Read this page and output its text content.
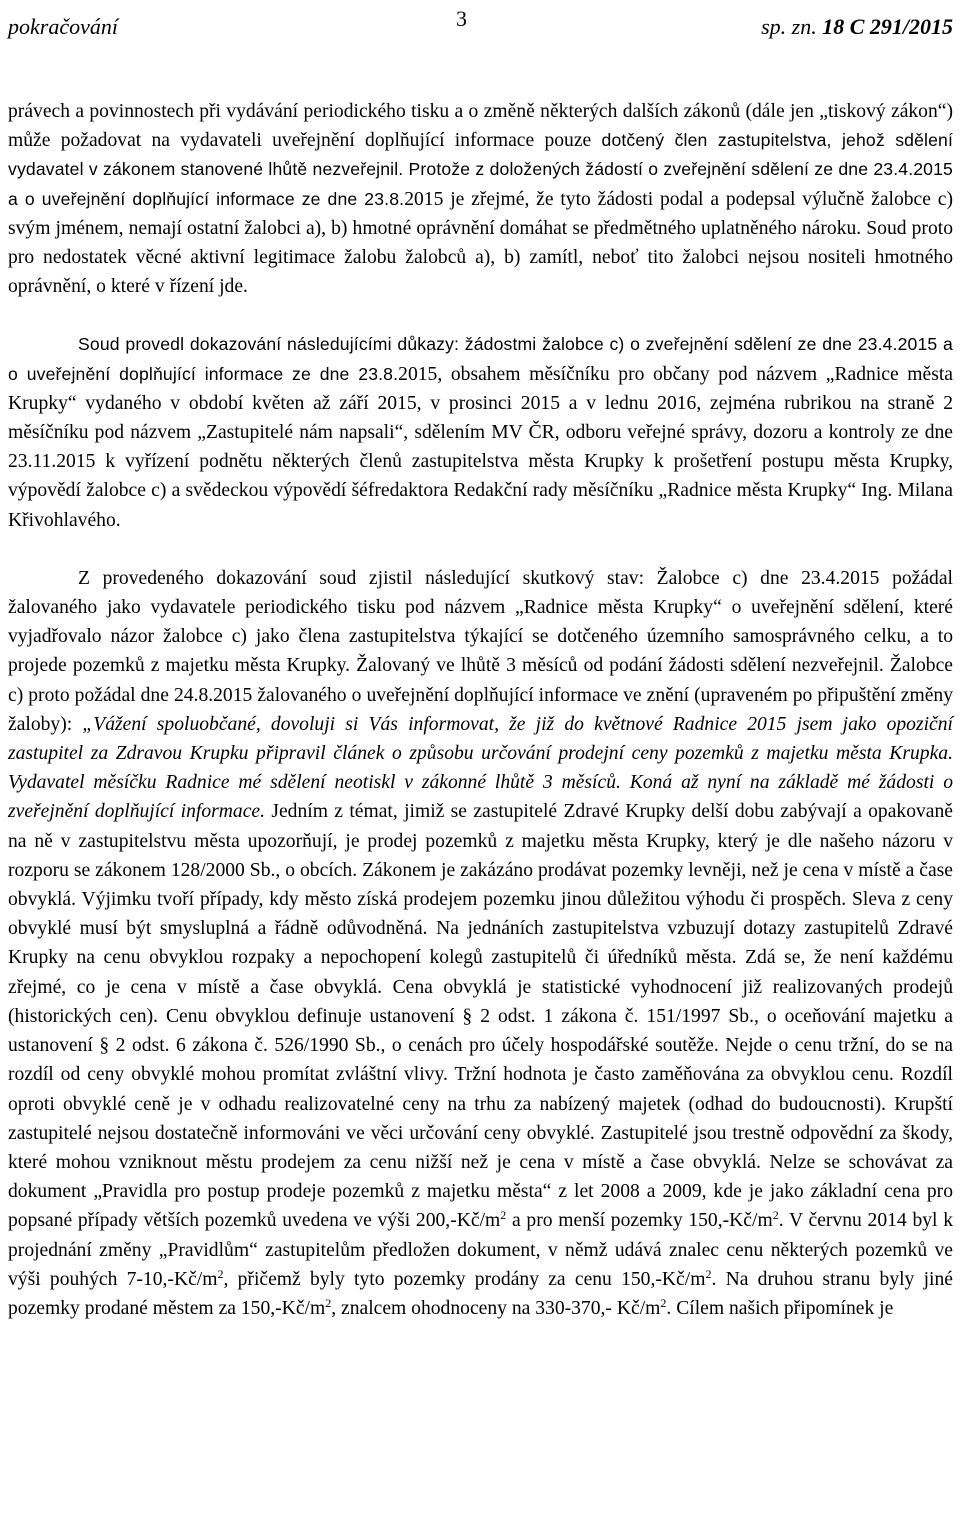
pokračování	3	sp. zn. 18 C 291/2015

právech a povinnostech při vydávání periodického tisku a o změně některých dalších zákonů (dále jen „tiskový zákon“) může požadovat na vydavateli uveřejnění doplňující informace pouze dotčený člen zastupitelstva, jehož sdělení vydavatel v zákonem stanovené lhůtě nezveřejnil. Protože z doložených žádostí o zveřejnění sdělení ze dne 23.4.2015 a o uveřejnění doplňující informace ze dne 23.8.2015 je zřejmé, že tyto žádosti podal a podepsal výlučně žalobce c) svým jménem, nemají ostatní žalobci a), b) hmotné oprávnění domáhat se předmětného uplatněného nároku. Soud proto pro nedostatek věcné aktivní legitimace žalobu žalobců a), b) zamítl, neboť tito žalobci nejsou nositeli hmotného oprávnění, o které v řízení jde.

Soud provedl dokazování následujícími důkazy: žádostmi žalobce c) o zveřejnění sdělení ze dne 23.4.2015 a o uveřejnění doplňující informace ze dne 23.8.2015, obsahem měsíčníku pro občany pod názvem „Radnice města Krupky“ vydaného v období květen až září 2015, v prosinci 2015 a v lednu 2016, zejména rubrikou na straně 2 měsíčníku pod názvem „Zastupitelé nám napsali“, sdělením MV ČR, odboru veřejné správy, dozoru a kontroly ze dne 23.11.2015 k vyřízení podnětu některých členů zastupitelstva města Krupky k prošetření postupu města Krupky, výpovědí žalobce c) a svědeckou výpovědí šéfredaktora Redakční rady měsíčníku „Radnice města Krupky“ Ing. Milana Křivohlavého.

Z provedeného dokazování soud zjistil následující skutkový stav: Žalobce c) dne 23.4.2015 požádal žalovaného jako vydavatele periodického tisku pod názvem „Radnice města Krupky“ o uveřejnění sdělení, které vyjadřovalo názor žalobce c) jako člena zastupitelstva týkající se dotčeného územního samosprávného celku, a to projede pozemků z majetku města Krupky. Žalovaný ve lhůtě 3 měsíců od podání žádosti sdělení nezveřejnil. Žalobce c) proto požádal dne 24.8.2015 žalovaného o uveřejnění doplňující informace ve znění (upraveném po připuštění změny žaloby): „Vážení spoluobčané, dovoluji si Vás informovat, že již do květnové Radnice 2015 jsem jako opoziční zastupitel za Zdravou Krupku připravil článek o způsobu určování prodejní ceny pozemků z majetku města Krupka. Vydavatel měsíčku Radnice mé sdělení neotiskl v zákonné lhůtě 3 měsíců. Koná až nyní na základě mé žádosti o zveřejnění doplňující informace. Jedním z témat, jimiž se zastupitelé Zdravé Krupky delší dobu zabývají a opakovaně na ně v zastupitelstvu města upozorňují, je prodej pozemků z majetku města Krupky, který je dle našeho názoru v rozporu se zákonem 128/2000 Sb., o obcích. Zákonem je zakázáno prodávat pozemky levněji, než je cena v místě a čase obvyklá. Výjimku tvoří případy, kdy město získá prodejem pozemku jinou důležitou výhodu či prospěch. Sleva z ceny obvyklé musí být smysluplná a řádně odůvodněná. Na jednáních zastupitelstva vzbuzují dotazy zastupitelů Zdravé Krupky na cenu obvyklou rozpaky a nepochopení kolegů zastupitelů či úředníků města. Zdá se, že není každému zřejmé, co je cena v místě a čase obvyklá. Cena obvyklá je statistické vyhodnocení již realizovaných prodejů (historických cen). Cenu obvyklou definuje ustanovení § 2 odst. 1 zákona č. 151/1997 Sb., o oceňování majetku a ustanovení § 2 odst. 6 zákona č. 526/1990 Sb., o cenách pro účely hospodářské soutěže. Nejde o cenu tržní, do se na rozdíl od ceny obvyklé mohou promítat zvláštní vlivy. Tržní hodnota je často zaměňována za obvyklou cenu. Rozdíl oproti obvyklé ceně je v odhadu realizovatelné ceny na trhu za nabízený majetek (odhad do budoucnosti). Krupští zastupitelé nejsou dostatečně informováni ve věci určování ceny obvyklé. Zastupitelé jsou trestně odpovědní za škody, které mohou vzniknout městu prodejem za cenu nižší než je cena v místě a čase obvyklá. Nelze se schovávat za dokument „Pravidla pro postup prodeje pozemků z majetku města“ z let 2008 a 2009, kde je jako základní cena pro popsané případy větších pozemků uvedena ve výši $200,-Kč/m^2$ a pro menší pozemky $150,-Kč/m^2$. V červnu 2014 byl k projednání změny „Pravidlům“ zastupitelům předložen dokument, v němž udává znalec cenu některých pozemků ve výši pouhých $7-10,-Kč/m^2$, přičemž byly tyto pozemky prodány za cenu $150,-Kč/m^2$. Na druhou stranu byly jiné pozemky prodané městem za $150,-Kč/m^2$, znalcem ohodnoceny na 330-370,- $Kč/m^2$. Cílem našich připomínek je
